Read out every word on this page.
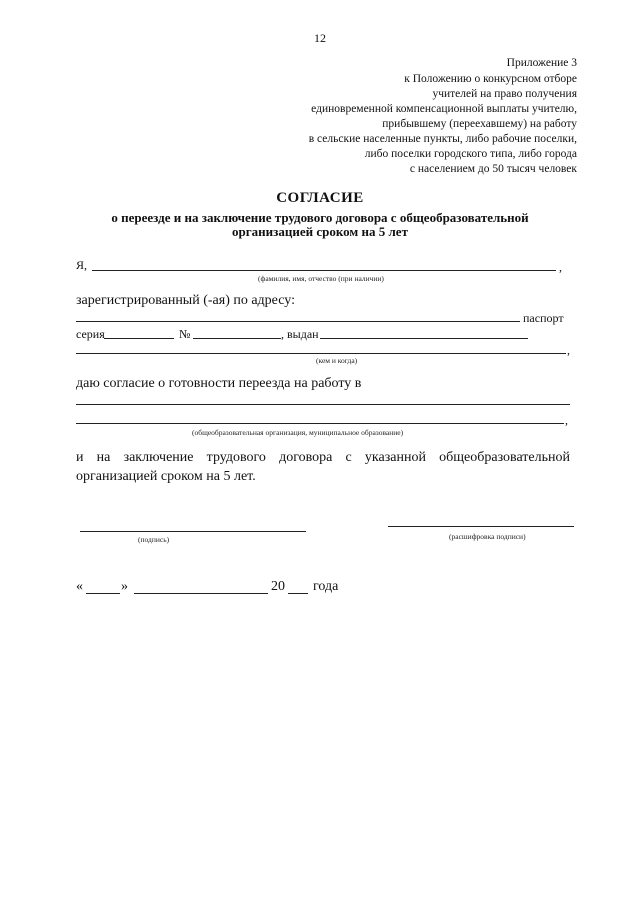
12
Приложение 3
к Положению о конкурсном отборе
учителей на право получения
единовременной компенсационной выплаты учителю,
прибывшему (переехавшему) на работу
в сельские населенные пункты, либо рабочие поселки,
либо поселки городского типа, либо города
с населением до 50 тысяч человек
СОГЛАСИЕ
о переезде и на заключение трудового договора с общеобразовательной
организацией сроком на 5 лет
Я,	,
(фамилия, имя, отчество (при наличии)
зарегистрированный (-ая) по адресу:
паспорт
серия	№	, выдан
,
(кем и когда)
даю согласие о готовности переезда на работу в
,
(общеобразовательная организация, муниципальное образование)
и на заключение трудового договора с указанной общеобразовательной
организацией сроком на 5 лет.
(подпись)	(расшифровка подписи)
«	»	20 года
